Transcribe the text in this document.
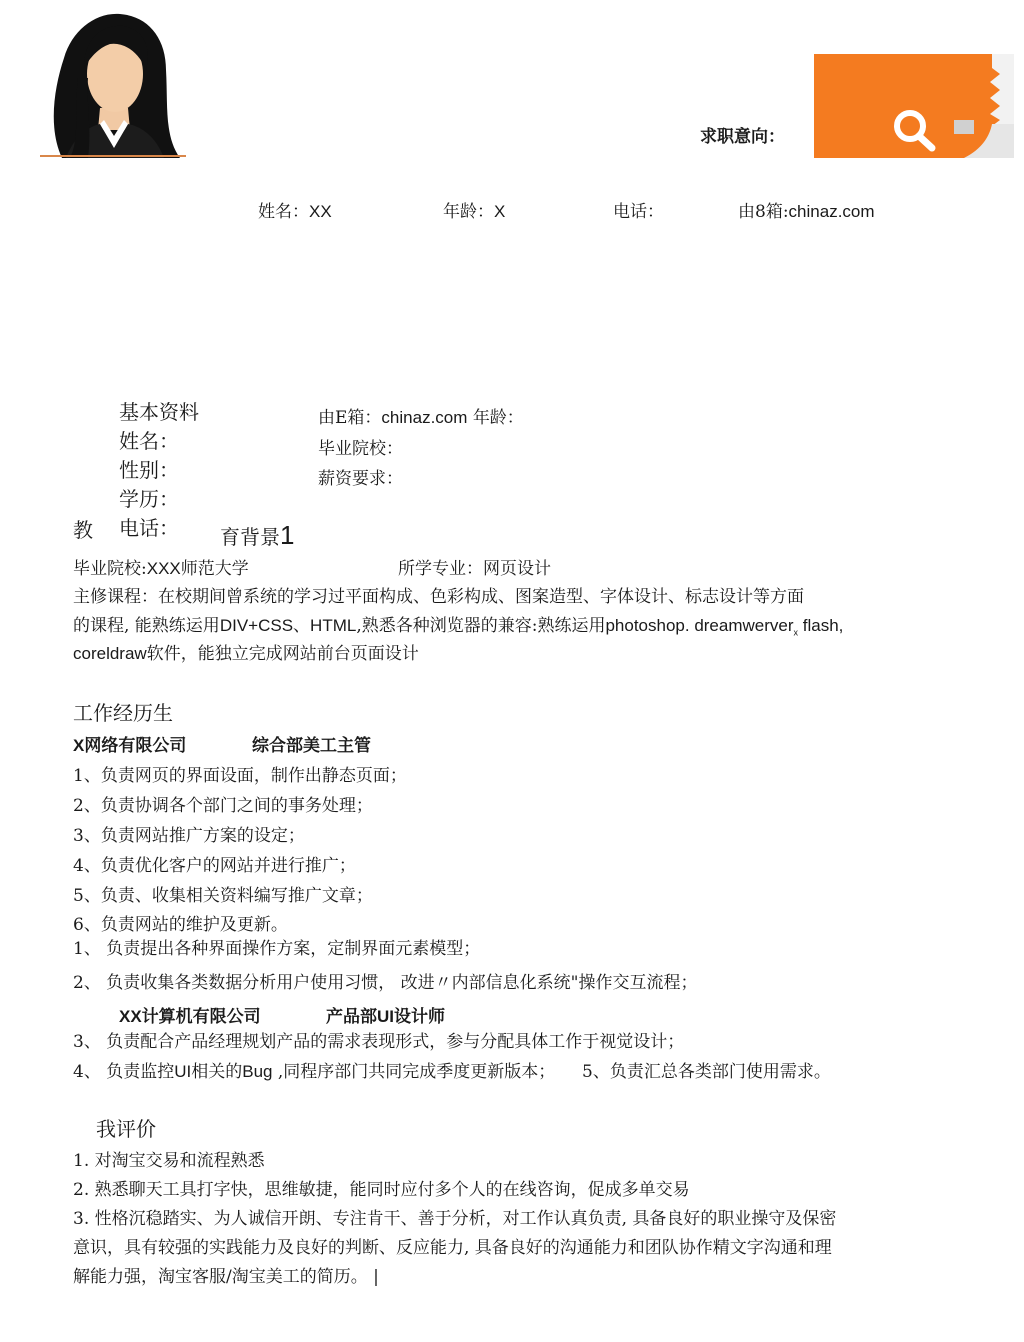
求职意向：
姓名：XX	年龄：X	电话：	由8箱:chinaz.com
基本资料
姓名：
性别：
学历：
电话：
由E箱：chinaz.com 年龄：
毕业院校：
薪资要求：
教	育背景1
毕业院校:XXX师范大学	所学专业：网页设计
主修课程：在校期间曾系统的学习过平面构成、色彩构成、图案造型、字体设计、标志设计等方面
的课程, 能熟练运用DIV+CSS、HTML,熟悉各种浏览器的兼容:熟练运用photoshop. dreamwerver$_x$ flash,
coreldraw软件，能独立完成网站前台页面设计
工作经历生
X网络有限公司	综合部美工主管
1、负责网页的界面设面，制作出静态页面；
2、负责协调各个部门之间的事务处理；
3、负责网站推广方案的设定；
4、负责优化客户的网站并进行推广；
5、负责、收集相关资料编写推广文章；
6、负责网站的维护及更新。
1、 负责提出各种界面操作方案，定制界面元素模型；
2、 负责收集各类数据分析用户使用习惯， 改进〃内部信息化系统"操作交互流程；
XX计算机有限公司	产品部UI设计师
3、 负责配合产品经理规划产品的需求表现形式，参与分配具体工作于视觉设计；
4、 负责监控UI相关的Bug ,同程序部门共同完成季度更新版本； 5、负责汇总各类部门使用需求。
我评价
1. 对淘宝交易和流程熟悉
2. 熟悉聊天工具打字快，思维敏捷，能同时应付多个人的在线咨询，促成多单交易
3. 性格沉稳踏实、为人诚信开朗、专注肯干、善于分析，对工作认真负责, 具备良好的职业操守及保密
意识，具有较强的实践能力及良好的判断、反应能力, 具备良好的沟通能力和团队协作精文字沟通和理
解能力强，淘宝客服/淘宝美工的简历。 |
